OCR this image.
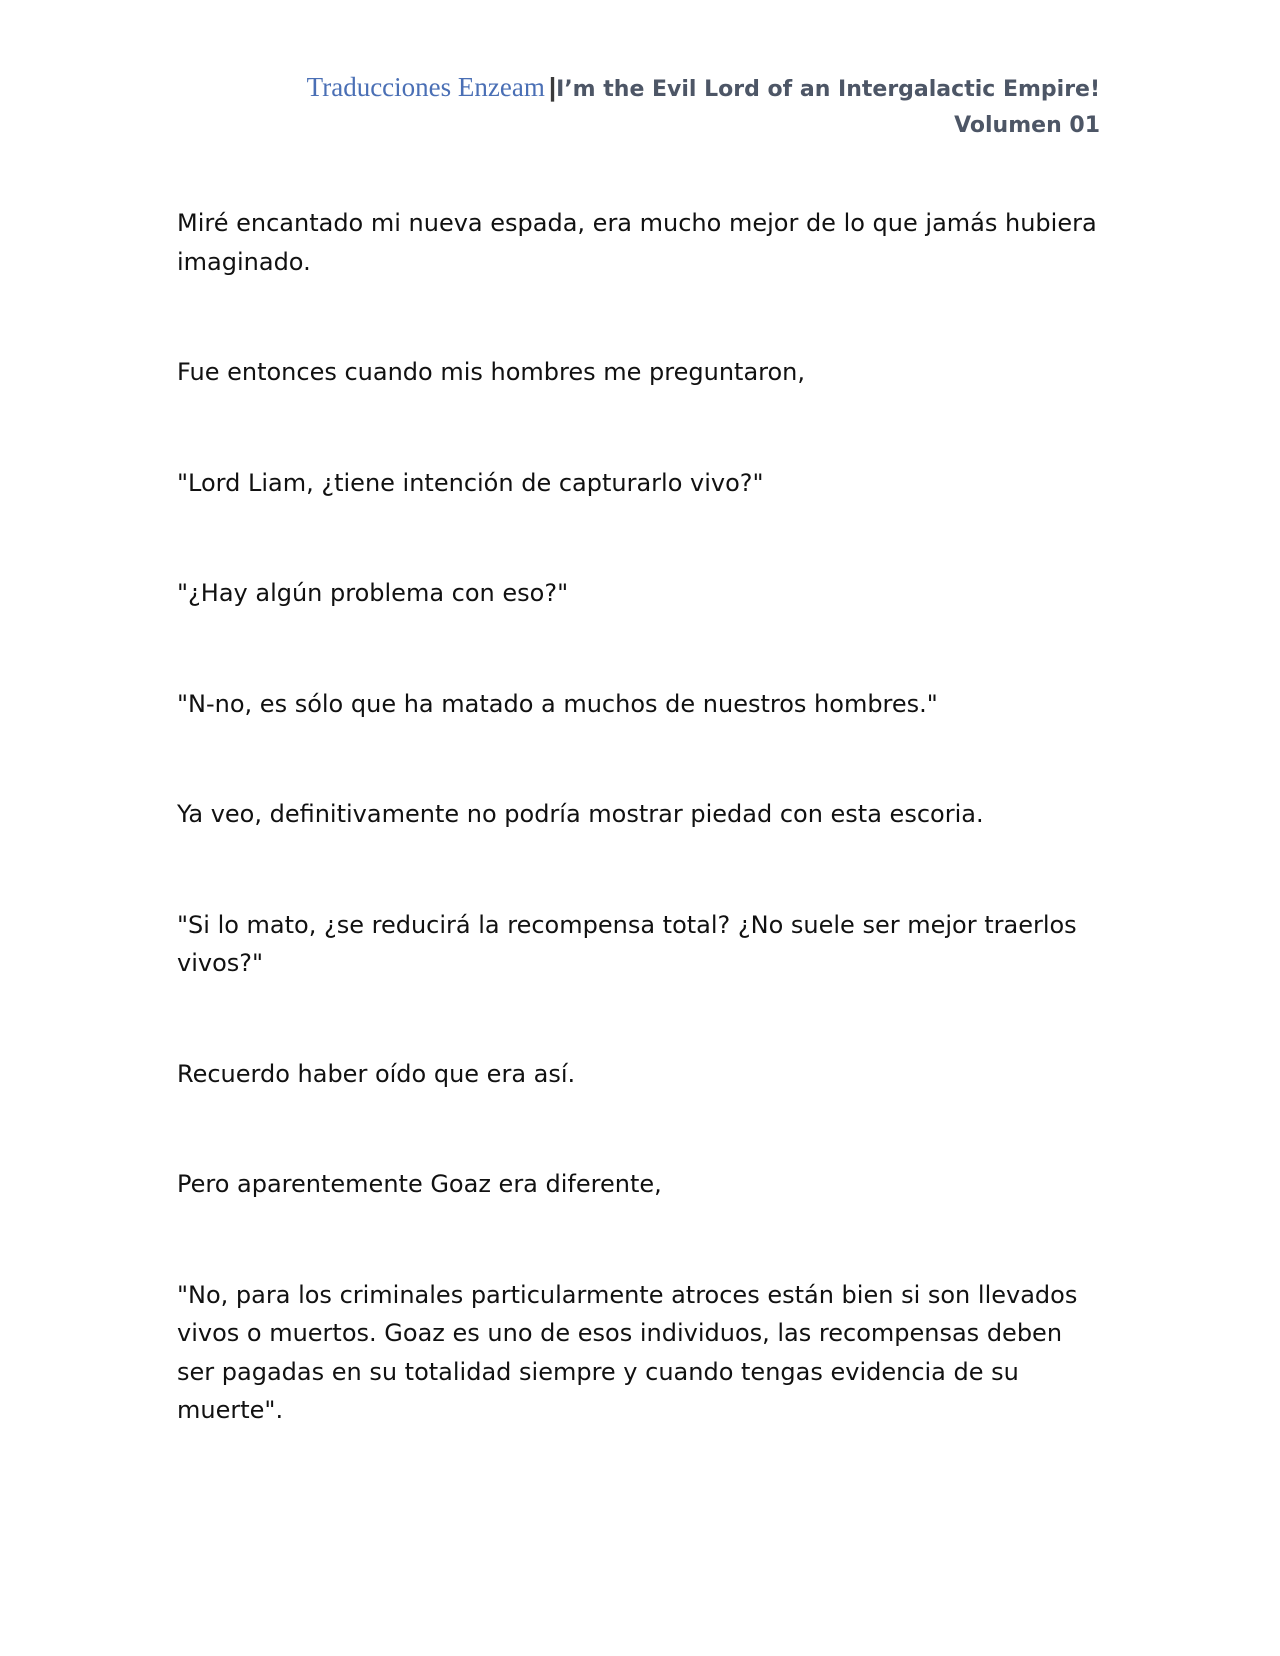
Traducciones Enzeam |I’m the Evil Lord of an Intergalactic Empire!
Volumen 01

Miré encantado mi nueva espada, era mucho mejor de lo que jamás hubiera imaginado.

Fue entonces cuando mis hombres me preguntaron,

"Lord Liam, ¿tiene intención de capturarlo vivo?"

"¿Hay algún problema con eso?"

"N-no, es sólo que ha matado a muchos de nuestros hombres."

Ya veo, definitivamente no podría mostrar piedad con esta escoria.

"Si lo mato, ¿se reducirá la recompensa total? ¿No suele ser mejor traerlos vivos?"

Recuerdo haber oído que era así.

Pero aparentemente Goaz era diferente,

"No, para los criminales particularmente atroces están bien si son llevados vivos o muertos. Goaz es uno de esos individuos, las recompensas deben ser pagadas en su totalidad siempre y cuando tengas evidencia de su muerte".
